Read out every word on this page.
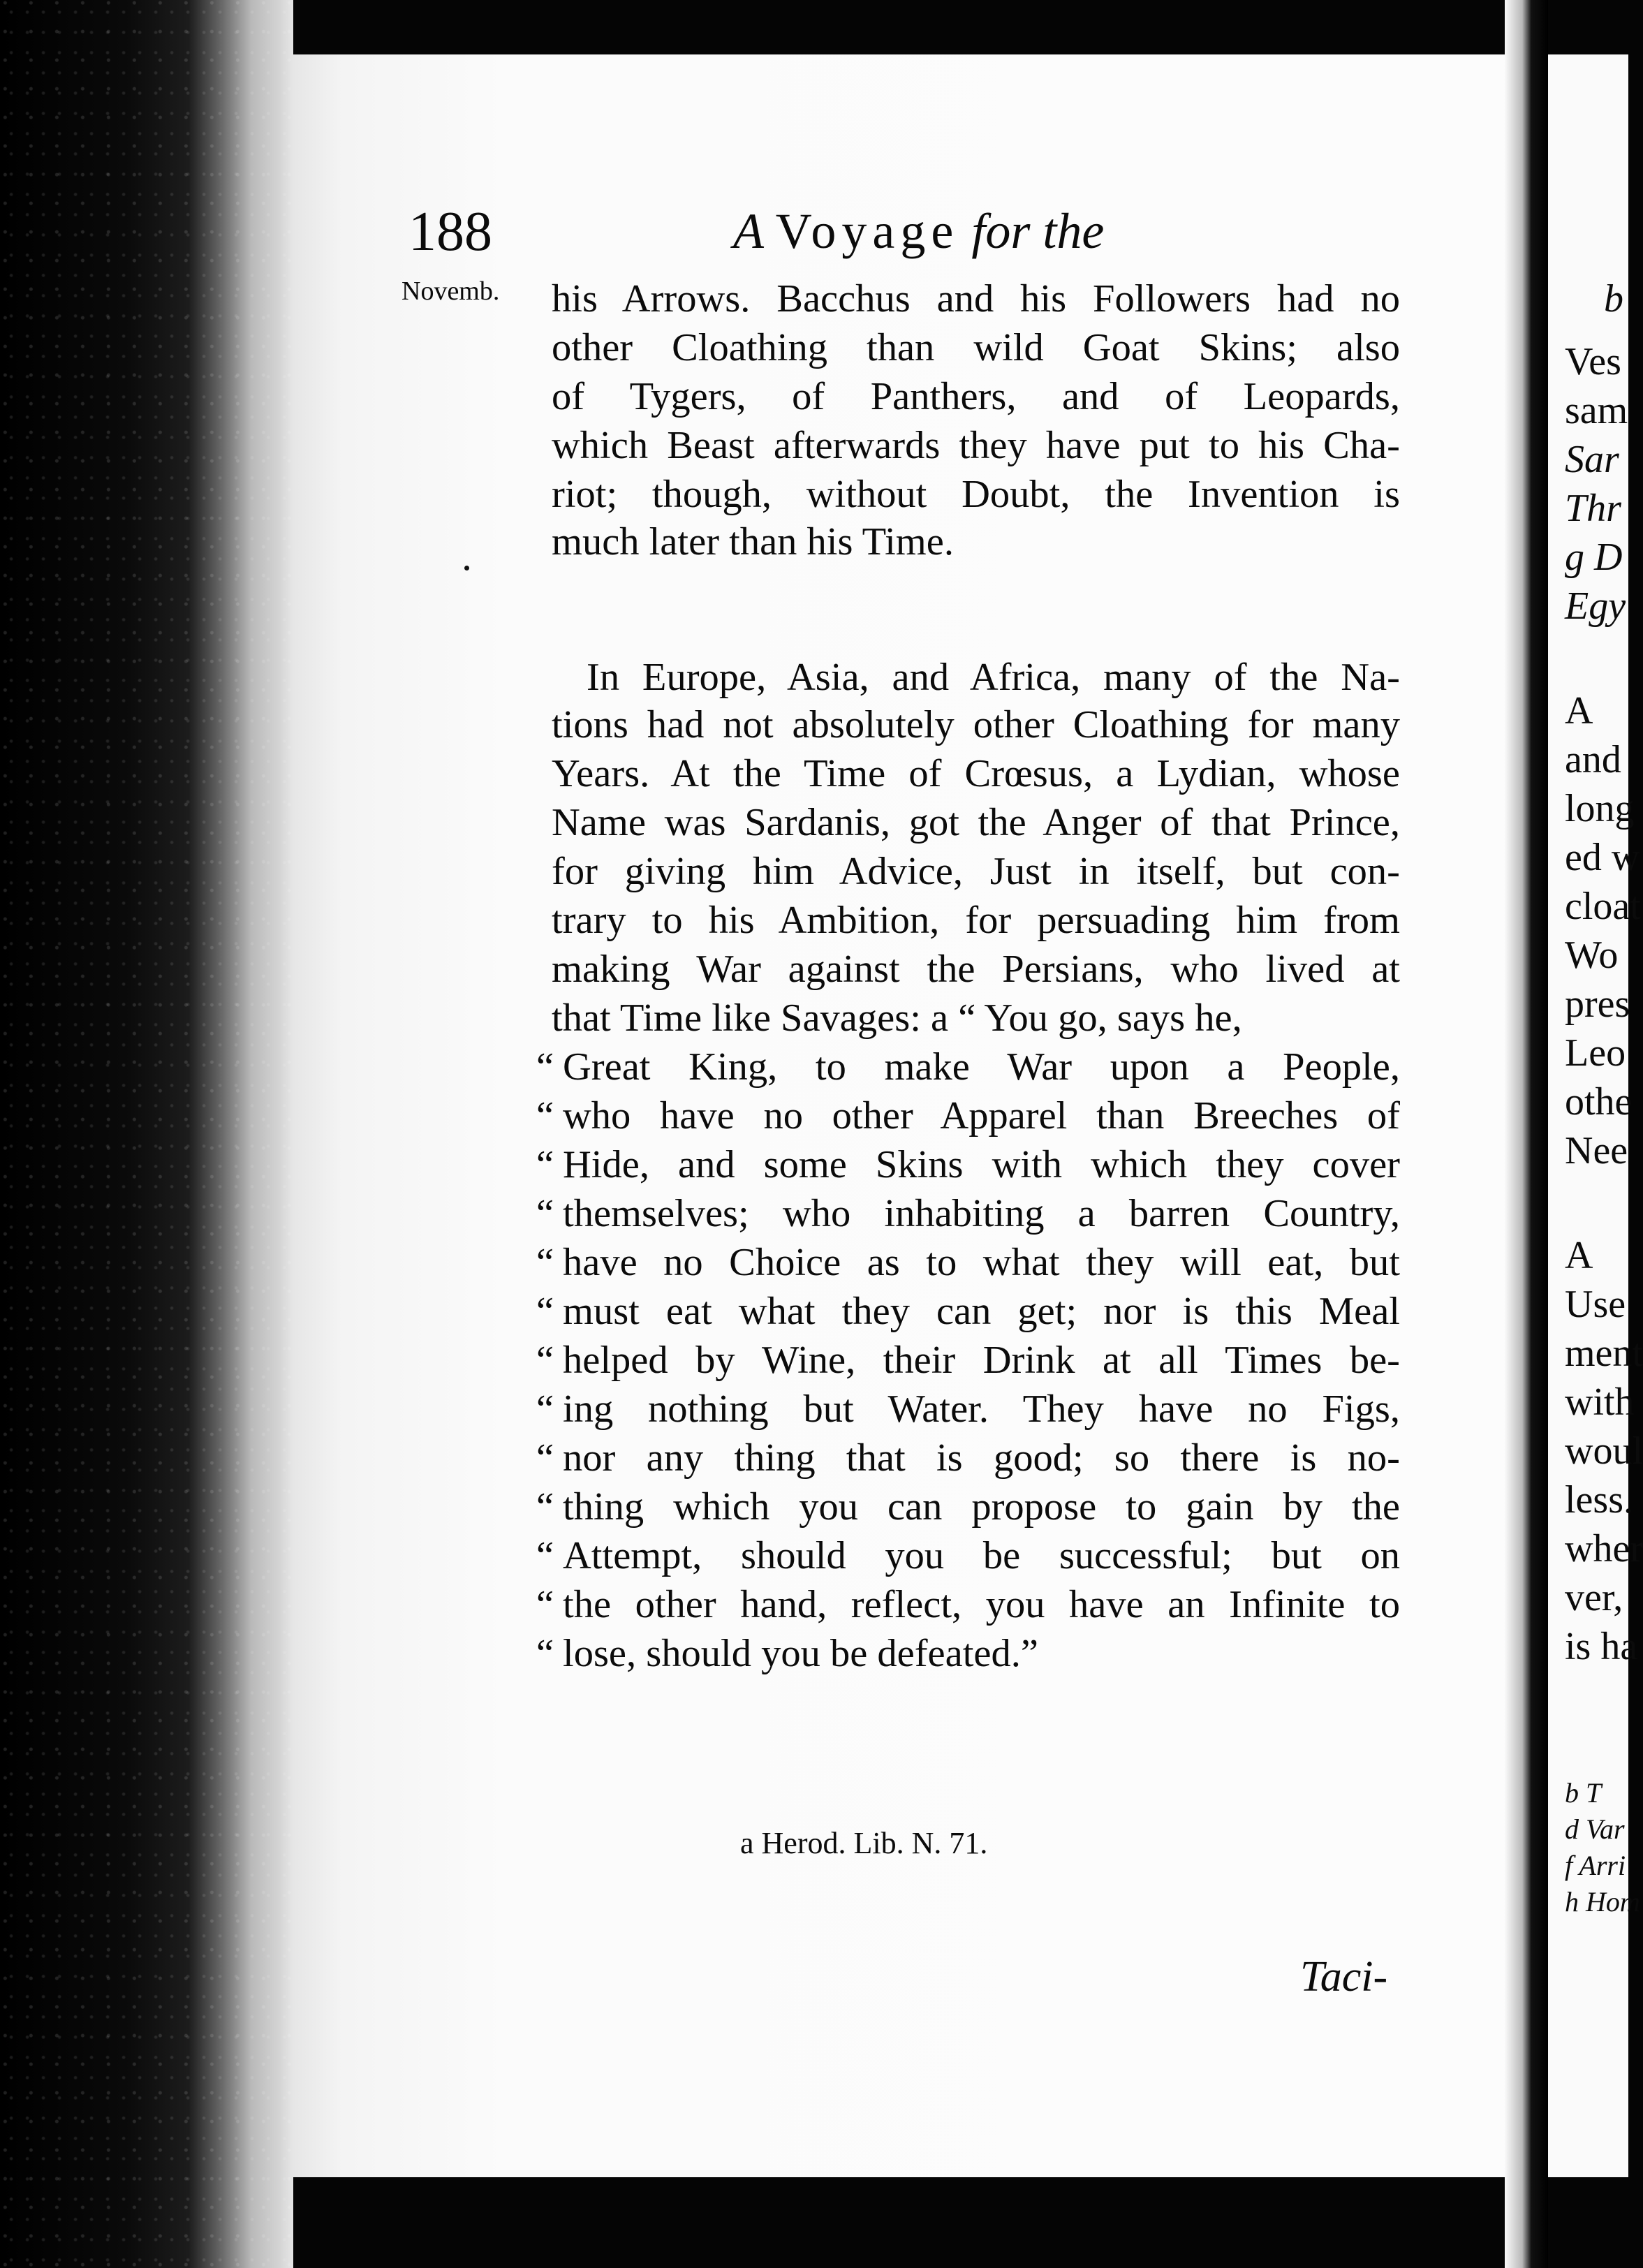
b
Ves
sam
Sar
Thr
g D
Egy
A
and
long
ed w
cloat
Wo
pres
Leo
othe
Nee
A
Use
ment
with
woul
less.
wher
ver,
is ha
b T
d Var
f Arri
h Hom
188	A Voyage for the
Novemb. his Arrows. Bacchus and his Followers had no
other Cloathing than wild Goat Skins; also
of Tygers, of Panthers, and of Leopards,
which Beast afterwards they have put to his Cha-
riot; though, without Doubt, the Invention is
much later than his Time.
In Europe, Asia, and Africa, many of the Na-
tions had not absolutely other Cloathing for many
Years. At the Time of Crœsus, a Lydian, whose
Name was Sardanis, got the Anger of that Prince,
for giving him Advice, Just in itself, but con-
trary to his Ambition, for persuading him from
making War against the Persians, who lived at
that Time like Savages: a “ You go, says he,
“ Great King, to make War upon a People,
“ who have no other Apparel than Breeches of
“ Hide, and some Skins with which they cover
“ themselves; who inhabiting a barren Country,
“ have no Choice as to what they will eat, but
“ must eat what they can get; nor is this Meal
“ helped by Wine, their Drink at all Times be-
“ ing nothing but Water. They have no Figs,
“ nor any thing that is good; so there is no-
“ thing which you can propose to gain by the
“ Attempt, should you be successful; but on
“ the other hand, reflect, you have an Infinite to
“ lose, should you be defeated.”
a Herod. Lib. N. 71.
Taci-
